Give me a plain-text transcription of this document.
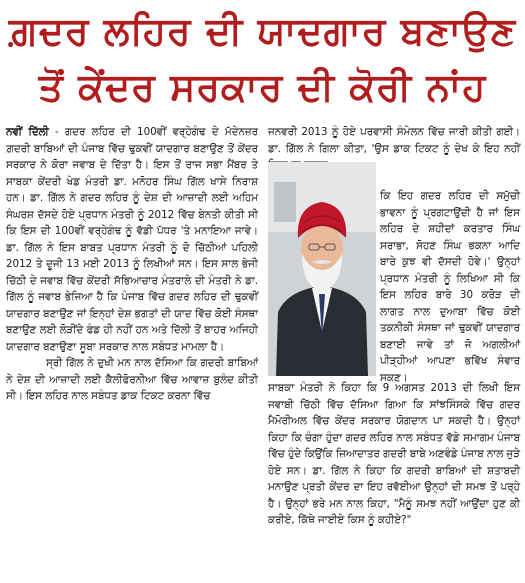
ਗ਼ਦਰ ਲਹਿਰ ਦੀ ਯਾਦਗਾਰ ਬਣਾਉਣ
ਤੋਂ ਕੇਂਦਰ ਸਰਕਾਰ ਦੀ ਕੋਰੀ ਨਾਂਹ

ਨਵੀਂ ਦਿੱਲੀ - ਗਦਰ ਲਹਿਰ ਦੀ 100ਵੀਂ ਵਰ੍ਹੇਗੰਢ ਦੇ ਮੱਦੇਨਜ਼ਰ ਗ਼ਦਰੀ ਬਾਬਿਆਂ ਦੀ ਪੰਜਾਬ ਵਿੱਚ ਢੁਕਵੀਂ ਯਾਦਗਾਰ ਬਣਾਉਣ ਤੋਂ ਕੇਂਦਰ ਸਰਕਾਰ ਨੇ ਕੋਰਾ ਜਵਾਬ ਦੇ ਦਿੱਤਾ ਹੈ। ਇਸ ਤੋਂ ਰਾਜ ਸਭਾ ਮੈਂਬਰ ਤੇ ਸਾਬਕਾ ਕੇਂਦਰੀ ਖੇਡ ਮੰਤਰੀ ਡਾ. ਮਨੋਹਰ ਸਿੰਘ ਗਿੱਲ ਖਾਸੇ ਨਿਰਾਸ਼ ਹਨ। ਡਾ. ਗਿੱਲ ਨੇ ਗਦਰ ਲਹਿਰ ਨੂੰ ਦੇਸ਼ ਦੀ ਆਜ਼ਾਦੀ ਲਈ ਅਹਿਮ ਸੰਘਰਸ਼ ਦੱਸਦੇ ਹੋਏ ਪ੍ਰਧਾਨ ਮੰਤਰੀ ਨੂੰ 2012 ਵਿੱਚ ਬੇਨਤੀ ਕੀਤੀ ਸੀ ਕਿ ਇਸ ਦੀ 100ਵੀਂ ਵਰ੍ਹੇਗੰਢ ਨੂੰ ਵੱਡੀ ਪੱਧਰ 'ਤੇ ਮਨਾਇਆ ਜਾਵੇ। ਡਾ. ਗਿੱਲ ਨੇ ਇਸ ਬਾਬਤ ਪ੍ਰਧਾਨ ਮੰਤਰੀ ਨੂੰ ਦੋ ਚਿੱਠੀਆਂ ਪਹਿਲੀ 2012 ਤੇ ਦੂਜੀ 13 ਮਈ 2013 ਨੂੰ ਲਿਖੀਆਂ ਸਨ। ਇਸ ਸਾਲ ਭੇਜੀ ਚਿੱਠੀ ਦੇ ਜਵਾਬ ਵਿੱਚ ਕੇਂਦਰੀ ਸੱਭਿਆਚਾਰ ਮੰਤਰਾਲੇ ਦੀ ਮੰਤਰੀ ਨੇ ਡਾ. ਗਿੱਲ ਨੂੰ ਜਵਾਬ ਭੇਜਿਆ ਹੈ ਕਿ ਪੰਜਾਬ ਵਿੱਚ ਗਦਰ ਲਹਿਰ ਦੀ ਢੁਕਵੀਂ ਯਾਦਗਾਰ ਬਣਾਉਣ ਜਾਂ ਇਨ੍ਹਾਂ ਦੇਸ਼ ਭਗਤਾਂ ਦੀ ਯਾਦ ਵਿੱਚ ਕੋਈ ਸੰਸਥਾ ਬਣਾਉਣ ਲਈ ਲੋੜੀਂਦੇ ਫੰਡ ਹੀ ਨਹੀਂ ਹਨ ਅਤੇ ਦਿੱਲੀ ਤੋਂ ਬਾਹਰ ਅਜਿਹੀ ਯਾਦਗਾਰ ਬਣਾਉਣਾ ਸੂਬਾ ਸਰਕਾਰ ਨਾਲ ਸਬੰਧਤ ਮਾਮਲਾ ਹੈ।

ਸ੍ਰੀ ਗਿੱਲ ਨੇ ਦੁਖੀ ਮਨ ਨਾਲ ਦੱਸਿਆ ਕਿ ਗਦਰੀ ਬਾਬਿਆਂ ਨੇ ਦੇਸ਼ ਦੀ ਆਜ਼ਾਦੀ ਲਈ ਕੈਲੀਫੋਰਨੀਆ ਵਿੱਚ ਆਵਾਜ਼ ਬੁਲੰਦ ਕੀਤੀ ਸੀ। ਇਸ ਲਹਿਰ ਨਾਲ ਸਬੰਧਤ ਡਾਕ ਟਿਕਟ ਕਰਨਾ ਵਿੱਚ

ਜਨਵਰੀ 2013 ਨੂੰ ਹੋਏ ਪਰਵਾਸੀ ਸੰਮੇਲਨ ਵਿੱਚ ਜਾਰੀ ਕੀਤੀ ਗਈ। ਡਾ. ਗਿੱਲ ਨੇ ਗਿਲਾ ਕੀਤਾ, 'ਉਸ ਡਾਕ ਟਿਕਟ ਨੂੰ ਦੇਖ ਕੇ ਇਹ ਨਹੀਂ
ਕਿ ਇਹ ਗਦਰ ਲਹਿਰ ਦੀ ਸਮੁੱਚੀ ਭਾਵਨਾ ਨੂੰ ਪ੍ਰਗਟਾਉਂਦੀ ਹੈ ਜਾਂ ਇਸ ਲਹਿਰ ਦੇ ਸ਼ਹੀਦਾਂ ਕਰਤਾਰ ਸਿੰਘ ਸਰਾਭਾ, ਸੋਹਣ ਸਿੰਘ ਭਕਨਾ ਆਦਿ ਬਾਰੇ ਕੁਝ ਵੀ ਦੱਸਦੀ ਹੋਵੇ।' ਉਨ੍ਹਾਂ ਪ੍ਰਧਾਨ ਮੰਤਰੀ ਨੂੰ ਲਿਖਿਆ ਸੀ ਕਿ ਇਸ ਲਹਿਰ ਬਾਰੇ 30 ਕਰੋੜ ਦੀ ਲਾਗਤ ਨਾਲ ਦੁਆਬਾ ਵਿੱਚ ਕੋਈ ਤਕਨੀਕੀ ਸੰਸਥਾ ਜਾਂ ਢੁਕਵੀਂ ਯਾਦਗਾਰ ਬਣਾਈ ਜਾਵੇ ਤਾਂ ਜੋ ਅਗਲੀਆਂ ਪੀੜ੍ਹੀਆਂ ਆਪਣਾ ਭਵਿੱਖ ਸੰਵਾਰ ਸਕਣ।
ਸਾਬਕਾ ਮੰਤਰੀ ਨੇ ਕਿਹਾ ਕਿ 9 ਅਗਸਤ 2013 ਦੀ ਲਿਖੀ ਇਸ ਜਵਾਬੀ ਚਿੱਠੀ ਵਿੱਚ ਦੱਸਿਆ ਗਿਆ ਕਿ ਸਾਂਝਸਿੰਸਕੇ ਵਿੱਚ ਗਦਰ ਮੈਮੋਰੀਅਲ ਵਿੱਚ ਕੇਂਦਰ ਸਰਕਾਰ ਯੋਗਦਾਨ ਪਾ ਸਕਦੀ ਹੈ। ਉਨ੍ਹਾਂ ਕਿਹਾ ਕਿ ਚੰਗਾ ਹੁੰਦਾ ਗਦਰ ਲਹਿਰ ਨਾਲ ਸਬੰਧਤ ਵੱਡੇ ਸਮਾਗਮ ਪੰਜਾਬ ਵਿੱਚ ਹੁੰਦੇ ਕਿਉਂਕਿ ਜ਼ਿਆਦਾਤਰ ਗਦਰੀ ਬਾਬੇ ਅਣਵੰਡੇ ਪੰਜਾਬ ਨਾਲ ਜੁੜੇ ਹੋਏ ਸਨ। ਡਾ. ਗਿੱਲ ਨੇ ਕਿਹਾ ਕਿ ਗਦਰੀ ਬਾਬਿਆਂ ਦੀ ਸ਼ਤਾਬਦੀ ਮਨਾਉਣ ਪ੍ਰਤੀ ਕੇਂਦਰ ਦਾ ਇਹ ਰਵੱਈਆ ਉਨ੍ਹਾਂ ਦੀ ਸਮਝ ਤੋਂ ਪਰ੍ਹੇ ਹੈ। ਉਨ੍ਹਾਂ ਭਰੇ ਮਨ ਨਾਲ ਕਿਹਾ, "ਮੈਨੂੰ ਸਮਝ ਨਹੀਂ ਆਉਂਦਾ ਹੁਣ ਕੀ ਕਰੀਏ, ਕਿੱਥੇ ਜਾਈਏ ਕਿਸ ਨੂੰ ਕਹੀਏ?"
